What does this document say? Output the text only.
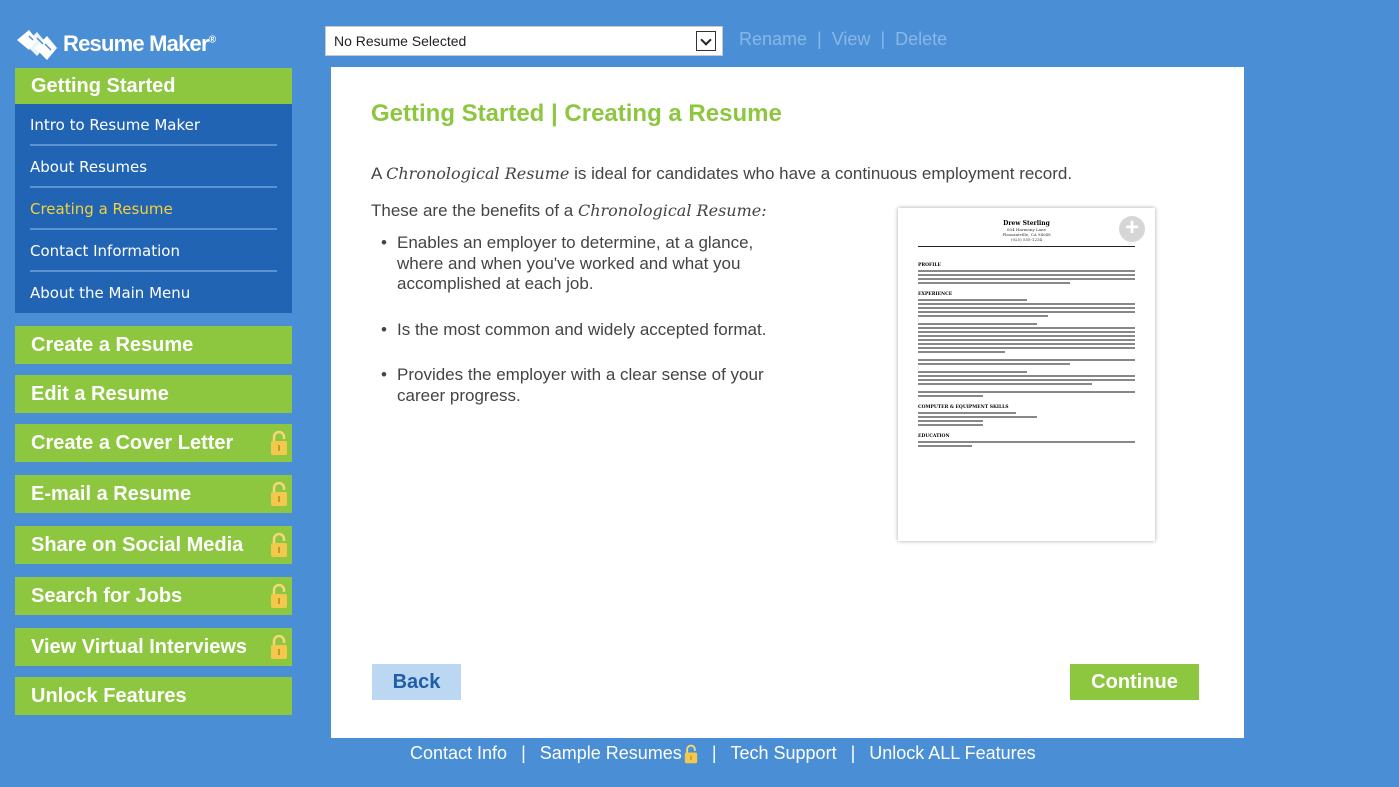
Resume Maker®	No Resume Selected	Rename | View | Delete
Getting Started
Intro to Resume Maker
About Resumes
Creating a Resume
Contact Information
About the Main Menu
Create a Resume
Edit a Resume
Create a Cover Letter
E-mail a Resume
Share on Social Media
Search for Jobs
View Virtual Interviews
Unlock Features
Getting Started | Creating a Resume
A Chronological Resume is ideal for candidates who have a continuous employment record.
These are the benefits of a Chronological Resume:
• Enables an employer to determine, at a glance, where and when you've worked and what you accomplished at each job.
• Is the most common and widely accepted format.
• Provides the employer with a clear sense of your career progress.
+
Drew Sterling
604 Harmony Lane
Pleasantville, CA 94048
(925) 555-1234
PROFILE
EXPERIENCE
COMPUTER & EQUIPMENT SKILLS
EDUCATION
Back	Continue
Contact Info | Sample Resumes | Tech Support | Unlock ALL Features
